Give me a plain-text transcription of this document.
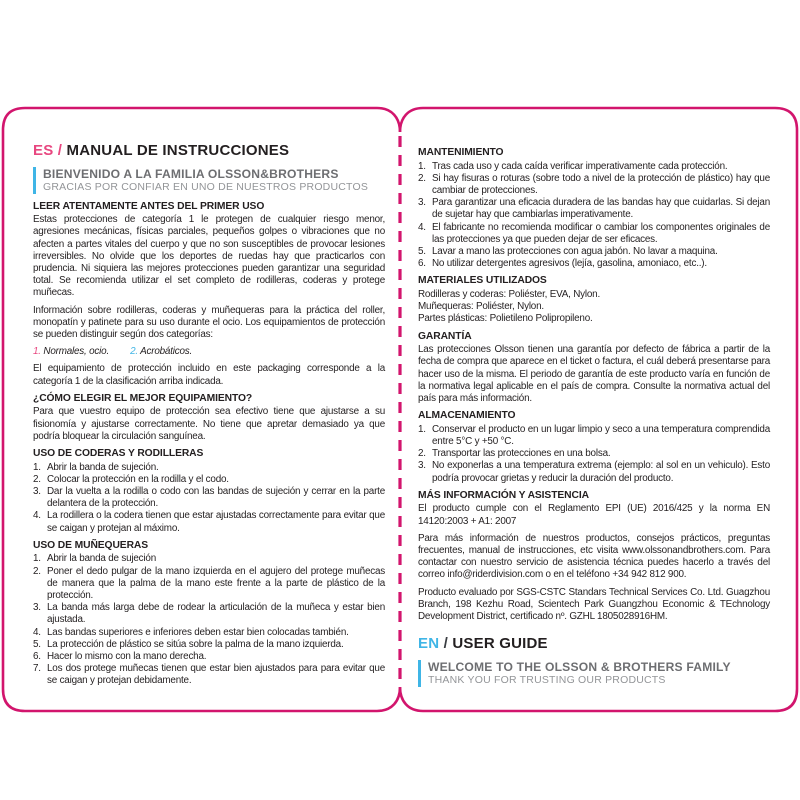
ES / MANUAL DE INSTRUCCIONES
BIENVENIDO A LA FAMILIA OLSSON&BROTHERS
GRACIAS POR CONFIAR EN UNO DE NUESTROS PRODUCTOS
LEER ATENTAMENTE ANTES DEL PRIMER USO

Estas protecciones de categoría 1 le protegen de cualquier riesgo menor, agresiones mecánicas, físicas parciales, pequeños golpes o vibraciones que no afecten a partes vitales del cuerpo y que no son susceptibles de provocar lesiones irreversibles. No olvide que los deportes de ruedas hay que practicarlos con prudencia. Ni siquiera las mejores protecciones pueden garantizar una seguridad total. Se recomienda utilizar el set completo de rodilleras, coderas y protege muñecas.

Información sobre rodilleras, coderas y muñequeras para la práctica del roller, monopatín y patinete para su uso durante el ocio. Los equipamientos de protección se pueden distinguir según dos categorías:

1. Normales, ocio. 2. Acrobáticos.

El equipamiento de protección incluido en este packaging corresponde a la categoría 1 de la clasificación arriba indicada.

¿CÓMO ELEGIR EL MEJOR EQUIPAMIENTO?

Para que vuestro equipo de protección sea efectivo tiene que ajustarse a su fisionomía y ajustarse correctamente. No tiene que apretar demasiado ya que podría bloquear la circulación sanguínea.

USO DE CODERAS Y RODILLERAS
1. Abrir la banda de sujeción.
2. Colocar la protección en la rodilla y el codo.
3. Dar la vuelta a la rodilla o codo con las bandas de sujeción y cerrar en la parte delantera de la protección.
4. La rodillera o la codera tienen que estar ajustadas correctamente para evitar que se caigan y protejan al máximo.
USO DE MUÑEQUERAS
1. Abrir la banda de sujeción
2. Poner el dedo pulgar de la mano izquierda en el agujero del protege muñecas de manera que la palma de la mano este frente a la parte de plástico de la protección.
3. La banda más larga debe de rodear la articulación de la muñeca y estar bien ajustada.
4. Las bandas superiores e inferiores deben estar bien colocadas también.
5. La protección de plástico se sitúa sobre la palma de la mano izquierda.
6. Hacer lo mismo con la mano derecha.
7. Los dos protege muñecas tienen que estar bien ajustados para para evitar que se caigan y protejan debidamente.
MANTENIMIENTO
1. Tras cada uso y cada caída verificar imperativamente cada protección.
2. Si hay fisuras o roturas (sobre todo a nivel de la protección de plástico) hay que cambiar de protecciones.
3. Para garantizar una eficacia duradera de las bandas hay que cuidarlas. Si dejan de sujetar hay que cambiarlas imperativamente.
4. El fabricante no recomienda modificar o cambiar los componentes originales de las protecciones ya que pueden dejar de ser eficaces.
5. Lavar a mano las protecciones con agua jabón. No lavar a maquina.
6. No utilizar detergentes agresivos (lejía, gasolina, amoniaco, etc..).
MATERIALES UTILIZADOS
Rodilleras y coderas: Poliéster, EVA, Nylon.
Muñequeras: Poliéster, Nylon.
Partes plásticas: Polietileno Polipropileno.
GARANTÍA

Las protecciones Olsson tienen una garantía por defecto de fábrica a partir de la fecha de compra que aparece en el ticket o factura, el cuál deberá presentarse para hacer uso de la misma. El periodo de garantía de este producto varía en función de la normativa legal aplicable en el país de compra. Consulte la normativa actual del país para más información.

ALMACENAMIENTO
1. Conservar el producto en un lugar limpio y seco a una temperatura comprendida entre 5°C y +50 °C.
2. Transportar las protecciones en una bolsa.
3. No exponerlas a una temperatura extrema (ejemplo: al sol en un vehiculo). Esto podría provocar grietas y reducir la duración del producto.
MÁS INFORMACIÓN Y ASISTENCIA

El producto cumple con el Reglamento EPI (UE) 2016/425 y la norma EN 14120:2003 + A1: 2007

Para más información de nuestros productos, consejos prácticos, preguntas frecuentes, manual de instrucciones, etc visita www.olssonandbrothers.com. Para contactar con nuestro servicio de asistencia técnica puedes hacerlo a través del correo info@riderdivision.com o en el teléfono +34 942 812 900.

Producto evaluado por SGS-CSTC Standars Technical Services Co. Ltd. Guagzhou Branch, 198 Kezhu Road, Scientech Park Guangzhou Economic & TEchnology Development District, certificado nº. GZHL 1805028916HM.

EN / USER GUIDE
WELCOME TO THE OLSSON & BROTHERS FAMILY
THANK YOU FOR TRUSTING OUR PRODUCTS
